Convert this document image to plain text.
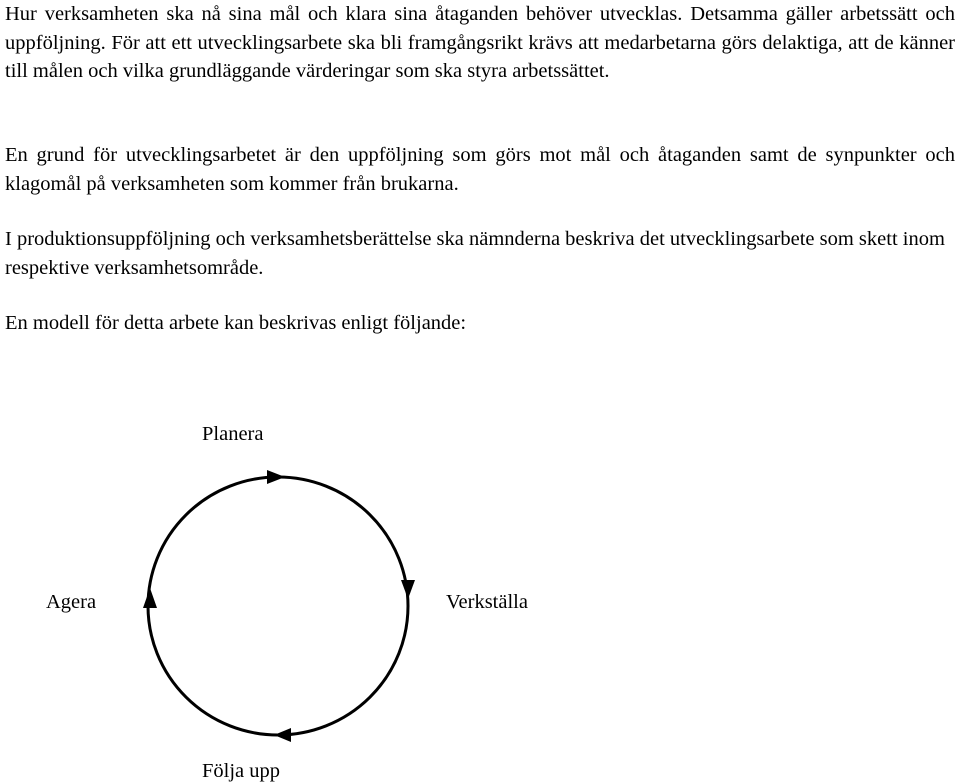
Hur verksamheten ska nå sina mål och klara sina åtaganden behöver utvecklas. Detsamma gäller arbetssätt och uppföljning. För att ett utvecklingsarbete ska bli framgångsrikt krävs att medarbetarna görs delaktiga, att de känner till målen och vilka grundläggande värderingar som ska styra arbetssättet.

En grund för utvecklingsarbetet är den uppföljning som görs mot mål och åtaganden samt de synpunkter och klagomål på verksamheten som kommer från brukarna.

I produktionsuppföljning och verksamhetsberättelse ska nämnderna beskriva det utvecklingsarbete som skett inom respektive verksamhetsområde.

En modell för detta arbete kan beskrivas enligt följande:

Planera
Agera	Verkställa
Följa upp
